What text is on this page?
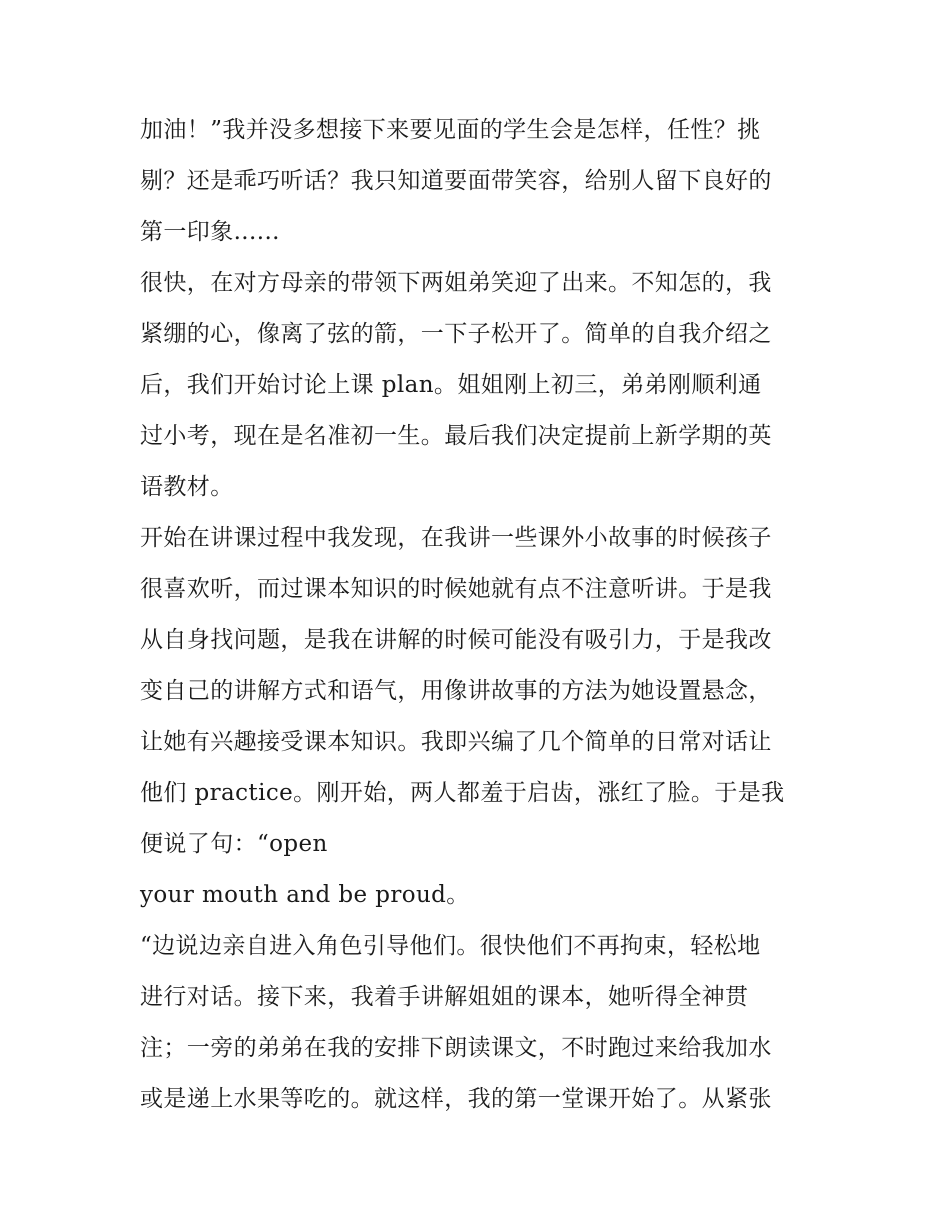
加油！”我并没多想接下来要见面的学生会是怎样，任性？挑
剔？还是乖巧听话？我只知道要面带笑容，给别人留下良好的
第一印象......
很快，在对方母亲的带领下两姐弟笑迎了出来。不知怎的，我
紧绷的心，像离了弦的箭，一下子松开了。简单的自我介绍之
后，我们开始讨论上课 plan。姐姐刚上初三，弟弟刚顺利通
过小考，现在是名准初一生。最后我们决定提前上新学期的英
语教材。
开始在讲课过程中我发现，在我讲一些课外小故事的时候孩子
很喜欢听，而过课本知识的时候她就有点不注意听讲。于是我
从自身找问题，是我在讲解的时候可能没有吸引力，于是我改
变自己的讲解方式和语气，用像讲故事的方法为她设置悬念，
让她有兴趣接受课本知识。我即兴编了几个简单的日常对话让
他们 practice。刚开始，两人都羞于启齿，涨红了脸。于是我
便说了句：“open
your mouth and be proud。
“边说边亲自进入角色引导他们。很快他们不再拘束，轻松地
进行对话。接下来，我着手讲解姐姐的课本，她听得全神贯
注；一旁的弟弟在我的安排下朗读课文，不时跑过来给我加水
或是递上水果等吃的。就这样，我的第一堂课开始了。从紧张
